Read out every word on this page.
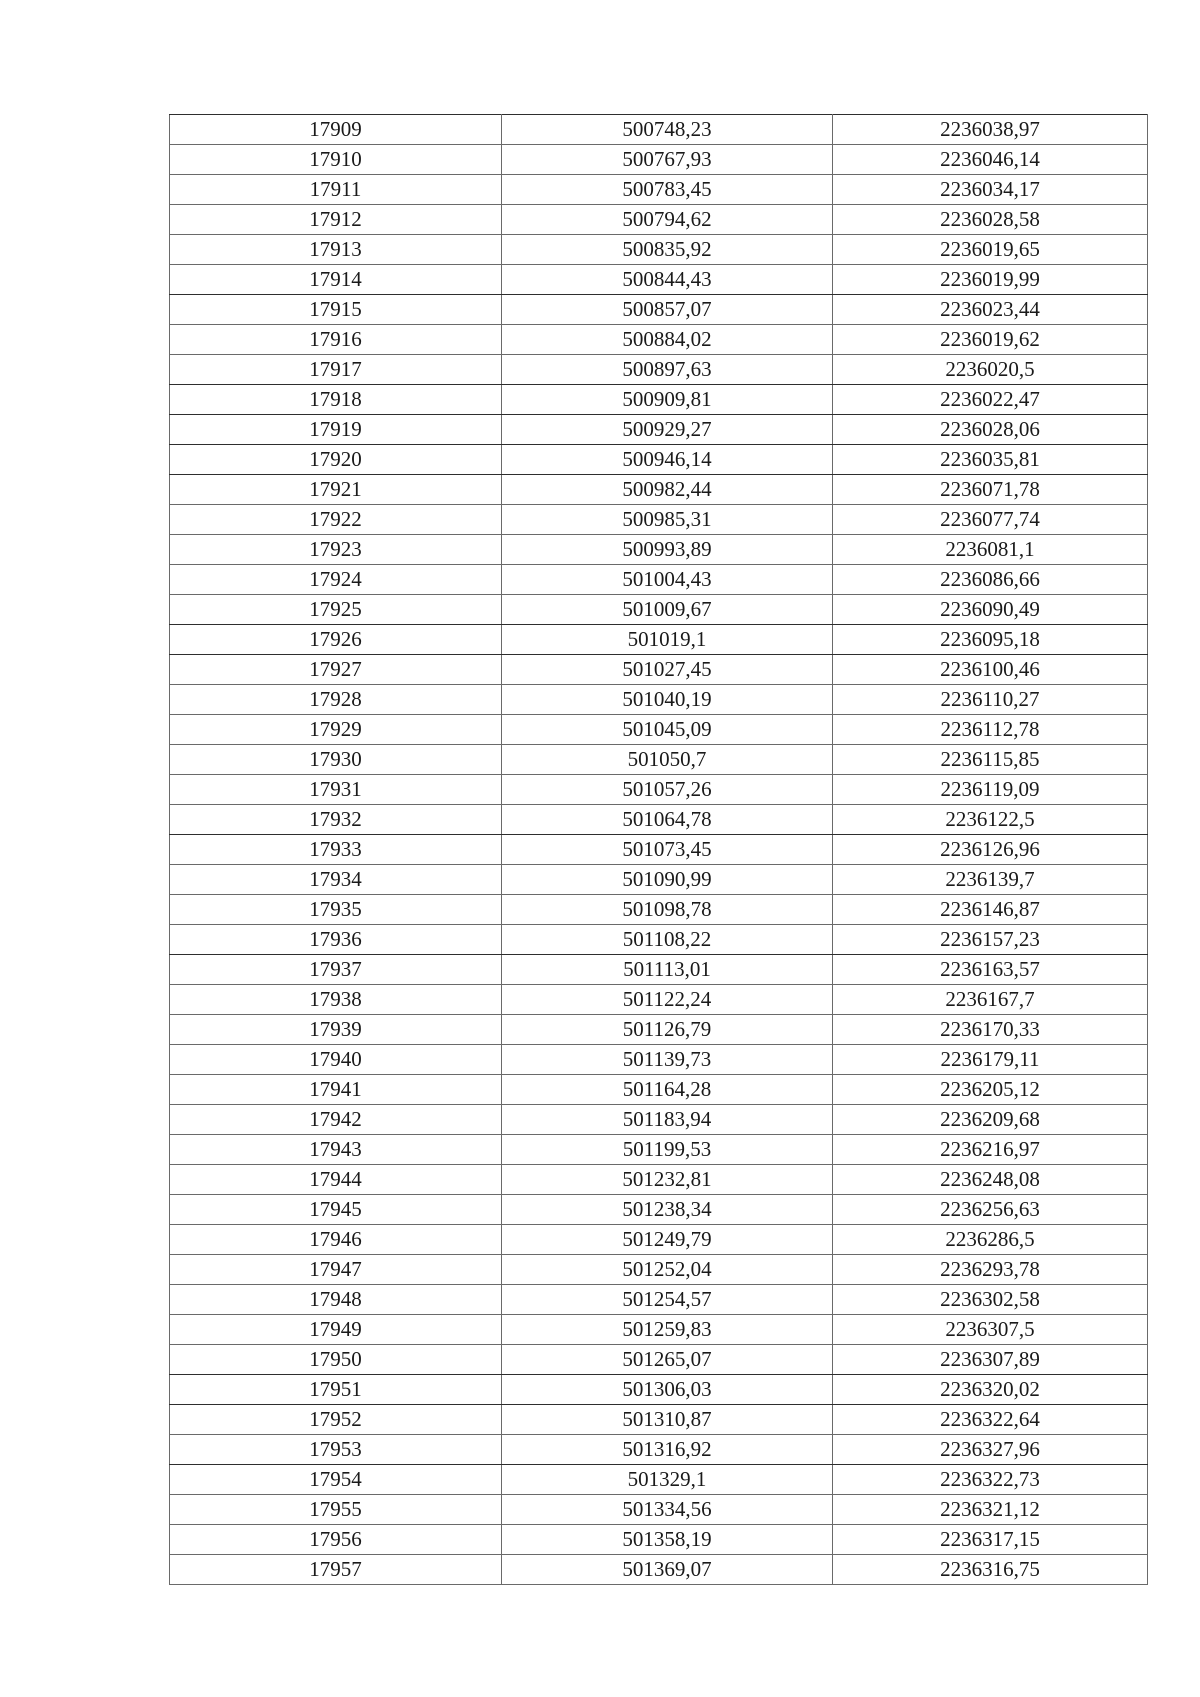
17909	500748,23	2236038,97
17910	500767,93	2236046,14
17911	500783,45	2236034,17
17912	500794,62	2236028,58
17913	500835,92	2236019,65
17914	500844,43	2236019,99
17915	500857,07	2236023,44
17916	500884,02	2236019,62
17917	500897,63	2236020,5
17918	500909,81	2236022,47
17919	500929,27	2236028,06
17920	500946,14	2236035,81
17921	500982,44	2236071,78
17922	500985,31	2236077,74
17923	500993,89	2236081,1
17924	501004,43	2236086,66
17925	501009,67	2236090,49
17926	501019,1	2236095,18
17927	501027,45	2236100,46
17928	501040,19	2236110,27
17929	501045,09	2236112,78
17930	501050,7	2236115,85
17931	501057,26	2236119,09
17932	501064,78	2236122,5
17933	501073,45	2236126,96
17934	501090,99	2236139,7
17935	501098,78	2236146,87
17936	501108,22	2236157,23
17937	501113,01	2236163,57
17938	501122,24	2236167,7
17939	501126,79	2236170,33
17940	501139,73	2236179,11
17941	501164,28	2236205,12
17942	501183,94	2236209,68
17943	501199,53	2236216,97
17944	501232,81	2236248,08
17945	501238,34	2236256,63
17946	501249,79	2236286,5
17947	501252,04	2236293,78
17948	501254,57	2236302,58
17949	501259,83	2236307,5
17950	501265,07	2236307,89
17951	501306,03	2236320,02
17952	501310,87	2236322,64
17953	501316,92	2236327,96
17954	501329,1	2236322,73
17955	501334,56	2236321,12
17956	501358,19	2236317,15
17957	501369,07	2236316,75
